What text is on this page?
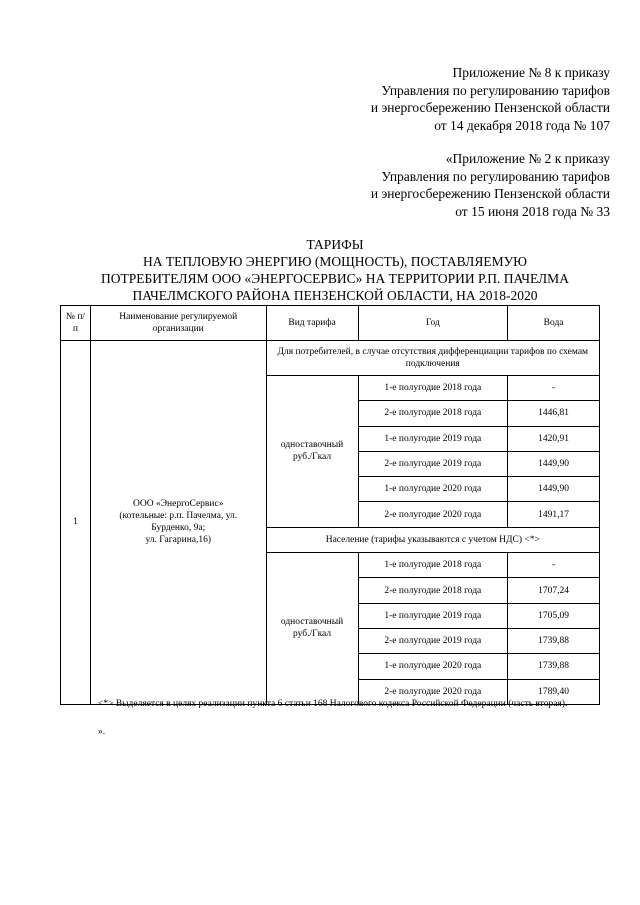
Приложение № 8 к приказу
Управления по регулированию тарифов
и энергосбережению Пензенской области
от 14 декабря 2018 года № 107
«Приложение № 2 к приказу
Управления по регулированию тарифов
и энергосбережению Пензенской области
от 15 июня 2018 года № 33
ТАРИФЫ
НА ТЕПЛОВУЮ ЭНЕРГИЮ (МОЩНОСТЬ), ПОСТАВЛЯЕМУЮ
ПОТРЕБИТЕЛЯМ ООО «ЭНЕРГОСЕРВИС» НА ТЕРРИТОРИИ Р.П. ПАЧЕЛМА
ПАЧЕЛМСКОГО РАЙОНА ПЕНЗЕНСКОЙ ОБЛАСТИ, НА 2018-2020
№ п/п	Наименование регулируемой организации	Вид тарифа	Год	Вода
1	ООО «ЭнергоСервис»
(котельные: р.п. Пачелма, ул.
Бурденко, 9а;
ул. Гагарина,16)	Для потребителей, в случае отсутствия дифференциации тарифов по схемам подключения		

		одноставочный
руб./Гкал	1-е полугодие 2018 года	-
			2-е полугодие 2018 года	1446,81
			1-е полугодие 2019 года	1420,91
			2-е полугодие 2019 года	1449,90
			1-е полугодие 2020 года	1449,90
			2-е полугодие 2020 года	1491,17
		Население (тарифы указываются с учетом НДС) <*>		

		одноставочный
руб./Гкал	1-е полугодие 2018 года	-
			2-е полугодие 2018 года	1707,24
			1-е полугодие 2019 года	1705,09
			2-е полугодие 2019 года	1739,88
			1-е полугодие 2020 года	1739,88
			2-е полугодие 2020 года	1789,40
<*> Выделяется в целях реализации пункта 6 статьи 168 Налогового кодекса Российской Федерации (часть вторая).
».
